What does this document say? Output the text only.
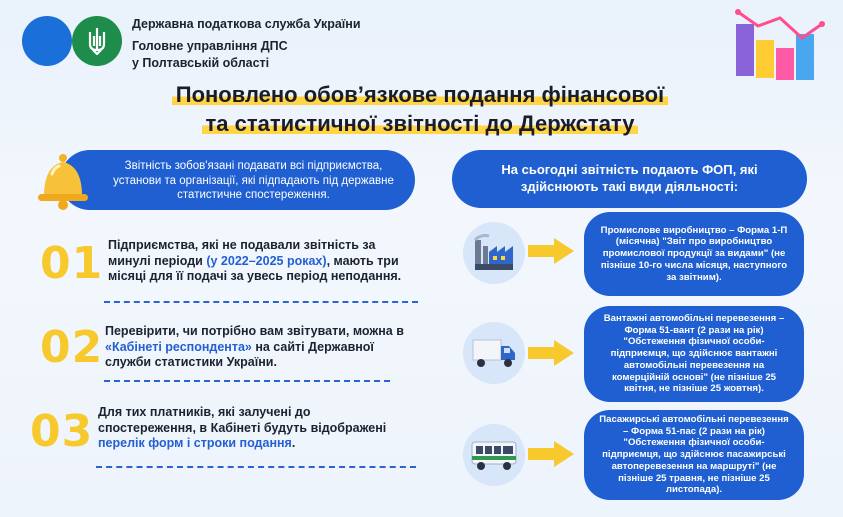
Державна податкова служба України
Головне управління ДПС
у Полтавській області
Поновлено обов’язкове подання фінансової
та статистичної звітності до Держстату
Звітність зобов'язані подавати всі підприємства, установи та організації, які підпадають під державне статистичне спостереження.
На сьогодні звітність подають ФОП, які здійснюють такі види діяльності:
01 Підприємства, які не подавали звітність за минулі періоди (у 2022–2025 роках), мають три місяці для її подачі за увесь період неподання.
02 Перевірити, чи потрібно вам звітувати, можна в «Кабінеті респондента» на сайті Державної служби статистики України.
03 Для тих платників, які залучені до спостереження, в Кабінеті будуть відображені перелік форм і строки подання.
Промислове виробництво – Форма 1-П (місячна) "Звіт про виробництво промислової продукції за видами" (не пізніше 10-го числа місяця, наступного за звітним).
Вантажні автомобільні перевезення – Форма 51-вант (2 рази на рік) "Обстеження фізичної особи-підприємця, що здійснює вантажні автомобільні перевезення на комерційній основі" (не пізніше 25 квітня, не пізніше 25 жовтня).
Пасажирські автомобільні перевезення – Форма 51-пас (2 рази на рік) "Обстеження фізичної особи-підприємця, що здійснює пасажирські автоперевезення на маршруті" (не пізніше 25 травня, не пізніше 25 листопада).
